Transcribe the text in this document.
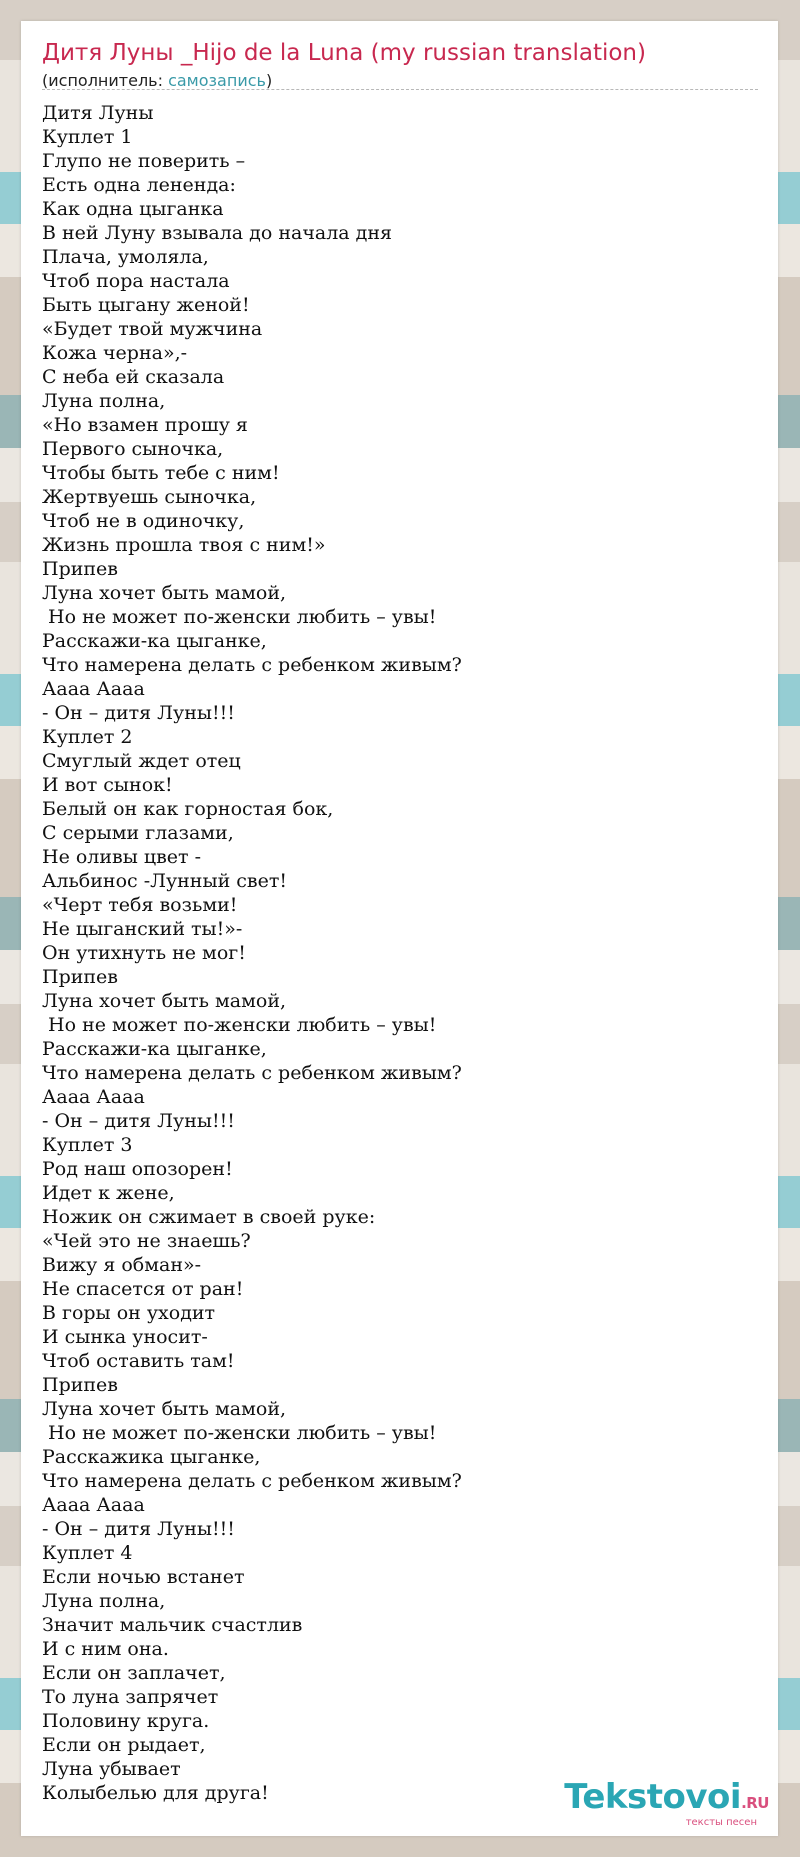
Дитя Луны _Hijo de la Luna (my russian translation)
(исполнитель: самозапись)
Дитя Луны
Куплет 1
Глупо не поверить –
Есть одна ленeнда:
Как одна цыганка
В ней Луну взывала до начала дня
Плача, умоляла,
Чтоб пора настала
Быть цыгану женой!
«Будет твой мужчина
Кожа черна»,-
С неба ей сказала
Луна полна,
«Но взамен прошу я
Первого сыночка,
Чтобы быть тебе с ним!
Жертвуешь сыночка,
Чтоб не в одиночку,
Жизнь прошла твоя с ним!»
Припев
Луна хочет быть мамой,
Но не может по-женски любить – увы!
Расскажи-ка цыганке,
Что намерена делать с ребенком живым?
Аааа Аааа
- Он – дитя Луны!!!
Куплет 2
Смуглый ждет отец
И вот сынок!
Белый он как горностая бок,
С серыми глазами,
Не оливы цвет -
Альбинос -Лунный свет!
«Черт тебя возьми!
Не цыганский ты!»-
Он утихнуть не мог!
Припев
Луна хочет быть мамой,
Но не может по-женски любить – увы!
Расскажи-ка цыганке,
Что намерена делать с ребенком живым?
Аааа Аааа
- Он – дитя Луны!!!
Куплет 3
Род наш опозорен!
Идет к жене,
Ножик он сжимает в своей руке:
«Чей это не знаешь?
Вижу я обман»-
Не спасется от ран!
В горы он уходит
И сынка уносит-
Чтоб оставить там!
Припев
Луна хочет быть мамой,
Но не может по-женски любить – увы!
Расскажика цыганке,
Что намерена делать с ребенком живым?
Аааа Аааа
- Он – дитя Луны!!!
Куплет 4
Если ночью встанет
Луна полна,
Значит мальчик счастлив
И с ним она.
Если он заплачет,
То луна запрячет
Половину круга.
Если он рыдает,
Луна убывает
Колыбелью для друга!	Tekstovoi.RU
тексты песен
